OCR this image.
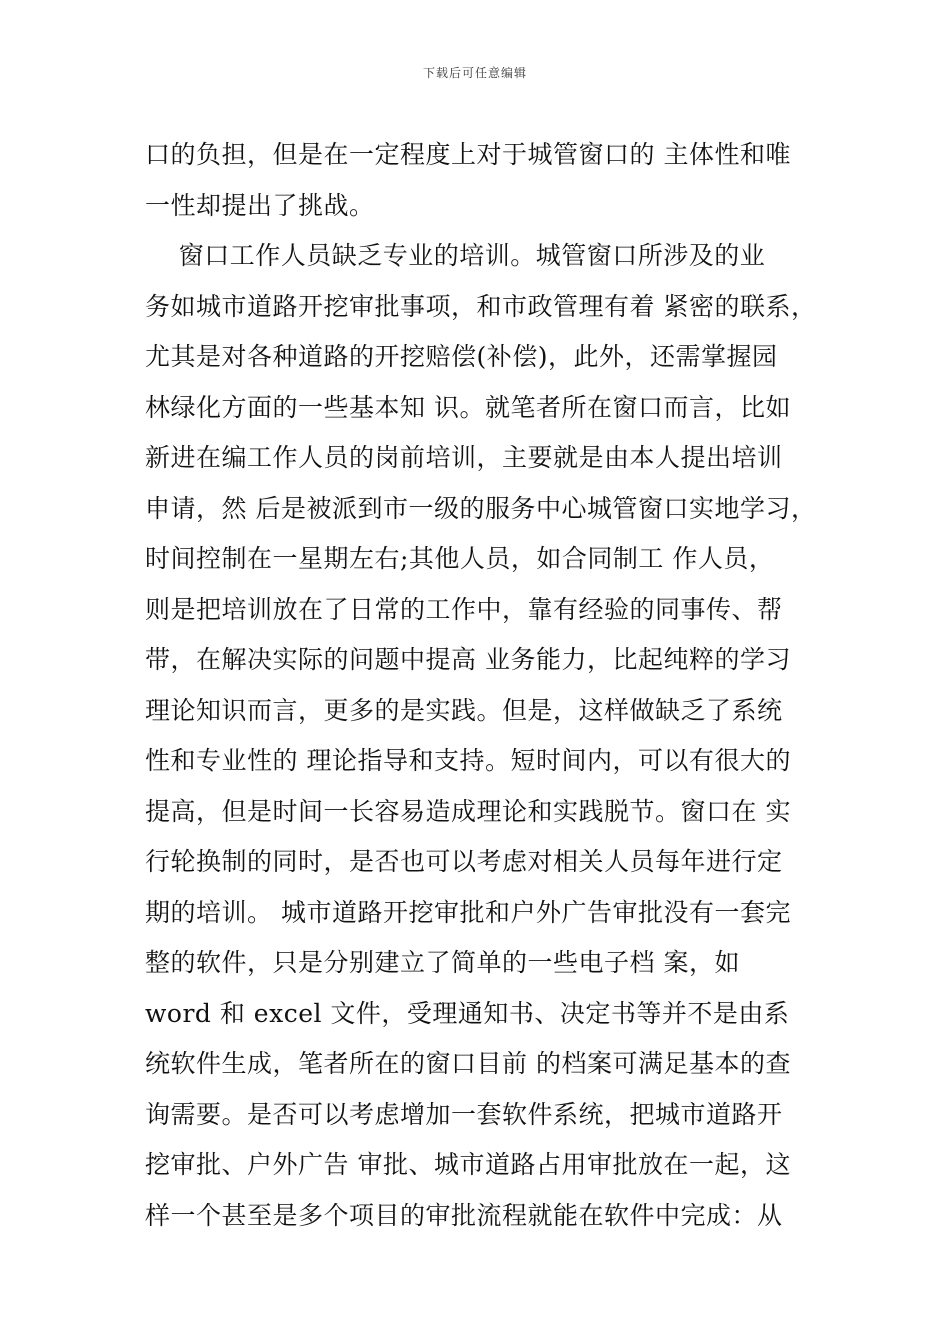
下载后可任意编辑
口的负担，但是在一定程度上对于城管窗口的 主体性和唯
一性却提出了挑战。
窗口工作人员缺乏专业的培训。城管窗口所涉及的业
务如城市道路开挖审批事项，和市政管理有着 紧密的联系，
尤其是对各种道路的开挖赔偿(补偿)，此外，还需掌握园
林绿化方面的一些基本知 识。就笔者所在窗口而言，比如
新进在编工作人员的岗前培训，主要就是由本人提出培训
申请，然 后是被派到市一级的服务中心城管窗口实地学习，
时间控制在一星期左右;其他人员，如合同制工 作人员，
则是把培训放在了日常的工作中，靠有经验的同事传、帮
带，在解决实际的问题中提高 业务能力，比起纯粹的学习
理论知识而言，更多的是实践。但是，这样做缺乏了系统
性和专业性的 理论指导和支持。短时间内，可以有很大的
提高，但是时间一长容易造成理论和实践脱节。窗口在 实
行轮换制的同时，是否也可以考虑对相关人员每年进行定
期的培训。 城市道路开挖审批和户外广告审批没有一套完
整的软件，只是分别建立了简单的一些电子档 案，如
word 和 excel 文件，受理通知书、决定书等并不是由系
统软件生成，笔者所在的窗口目前 的档案可满足基本的查
询需要。是否可以考虑增加一套软件系统，把城市道路开
挖审批、户外广告 审批、城市道路占用审批放在一起，这
样一个甚至是多个项目的审批流程就能在软件中完成：从
